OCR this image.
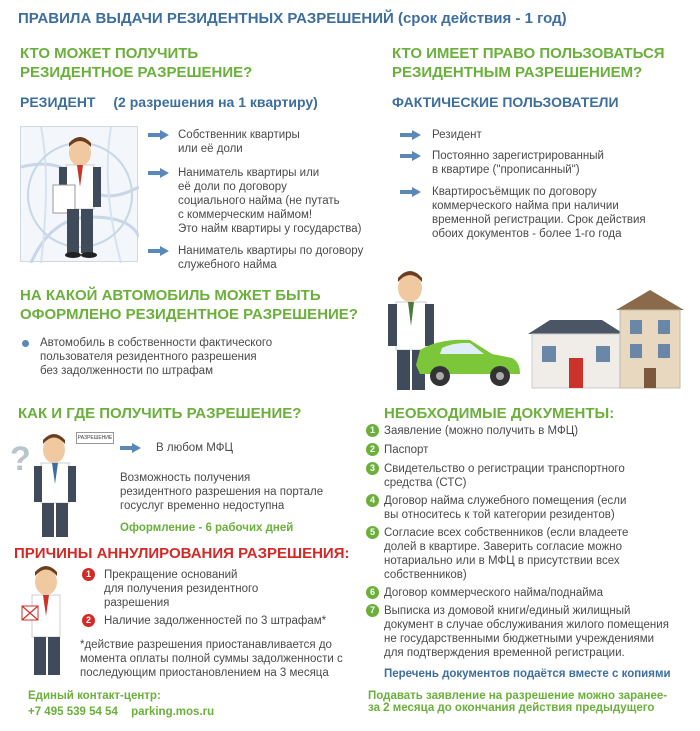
ПРАВИЛА ВЫДАЧИ РЕЗИДЕНТНЫХ РАЗРЕШЕНИЙ (срок действия - 1 год)
КТО МОЖЕТ ПОЛУЧИТЬ
РЕЗИДЕНТНОЕ РАЗРЕШЕНИЕ?
РЕЗИДЕНТ (2 разрешения на 1 квартиру)
Собственник квартиры
или её доли
Наниматель квартиры или
её доли по договору
социального найма (не путать
с коммерческим наймом!
Это найм квартиры у государства)
Наниматель квартиры по договору
служебного найма
КТО ИМЕЕТ ПРАВО ПОЛЬЗОВАТЬСЯ
РЕЗИДЕНТНЫМ РАЗРЕШЕНИЕМ?
ФАКТИЧЕСКИЕ ПОЛЬЗОВАТЕЛИ
Резидент
Постоянно зарегистрированный
в квартире ("прописанный")
Квартиросъёмщик по договору
коммерческого найма при наличии
временной регистрации. Срок действия
обоих документов - более 1-го года
НА КАКОЙ АВТОМОБИЛЬ МОЖЕТ БЫТЬ
ОФОРМЛЕНО РЕЗИДЕНТНОЕ РАЗРЕШЕНИЕ?
Автомобиль в собственности фактического
пользователя резидентного разрешения
без задолженности по штрафам
КАК И ГДЕ ПОЛУЧИТЬ РАЗРЕШЕНИЕ?
?
РАЗРЕШЕНИЕ
В любом МФЦ
Возможность получения
резидентного разрешения на портале
госуслуг временно недоступна
Оформление - 6 рабочих дней
ПРИЧИНЫ АННУЛИРОВАНИЯ РАЗРЕШЕНИЯ:
1	Прекращение оснований
для получения резидентного
разрешения
2	Наличие задолженностей по 3 штрафам*
*действие разрешения приостанавливается до
момента оплаты полной суммы задолженности с
последующим приостановлением на 3 месяца
НЕОБХОДИМЫЕ ДОКУМЕНТЫ:
1 Заявление (можно получить в МФЦ)
2 Паспорт
3 Свидетельство о регистрации транспортного
средства (СТС)
4 Договор найма служебного помещения (если
вы относитесь к той категории резидентов)
5 Согласие всех собственников (если владеете
долей в квартире. Заверить согласие можно
нотариально или в МФЦ в присутствии всех
собственников)
6 Договор коммерческого найма/поднайма
7 Выписка из домовой книги/единый жилищный
документ в случае обслуживания жилого помещения
не государственными бюджетными учреждениями
для подтверждения временной регистрации.
Перечень документов подаётся вместе с копиями
Единый контакт-центр:
+7 495 539 54 54 parking.mos.ru
Подавать заявление на разрешение можно заранее-
за 2 месяца до окончания действия предыдущего
